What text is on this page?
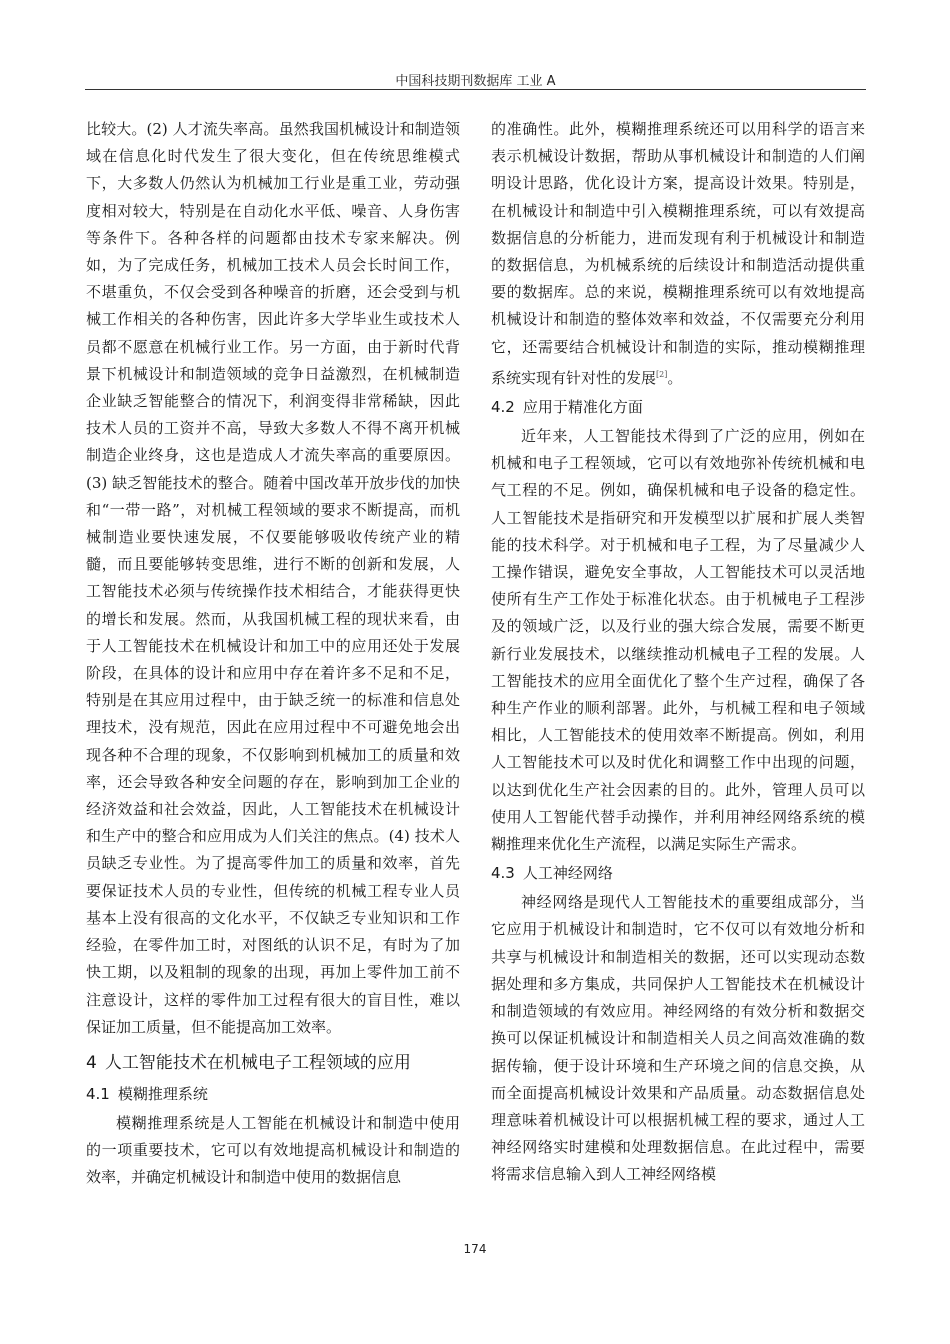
中国科技期刊数据库 工业 A

比较大。(2) 人才流失率高。虽然我国机械设计和制造领域在信息化时代发生了很大变化，但在传统思维模式下，大多数人仍然认为机械加工行业是重工业，劳动强度相对较大，特别是在自动化水平低、噪音、人身伤害等条件下。各种各样的问题都由技术专家来解决。例如，为了完成任务，机械加工技术人员会长时间工作，不堪重负，不仅会受到各种噪音的折磨，还会受到与机械工作相关的各种伤害，因此许多大学毕业生或技术人员都不愿意在机械行业工作。另一方面，由于新时代背景下机械设计和制造领域的竞争日益激烈，在机械制造企业缺乏智能整合的情况下，利润变得非常稀缺，因此技术人员的工资并不高，导致大多数人不得不离开机械制造企业终身，这也是造成人才流失率高的重要原因。(3) 缺乏智能技术的整合。随着中国改革开放步伐的加快和“一带一路”，对机械工程领域的要求不断提高，而机械制造业要快速发展，不仅要能够吸收传统产业的精髓，而且要能够转变思维，进行不断的创新和发展，人工智能技术必须与传统操作技术相结合，才能获得更快的增长和发展。然而，从我国机械工程的现状来看，由于人工智能技术在机械设计和加工中的应用还处于发展阶段，在具体的设计和应用中存在着许多不足和不足，特别是在其应用过程中，由于缺乏统一的标准和信息处理技术，没有规范，因此在应用过程中不可避免地会出现各种不合理的现象，不仅影响到机械加工的质量和效率，还会导致各种安全问题的存在，影响到加工企业的经济效益和社会效益，因此，人工智能技术在机械设计和生产中的整合和应用成为人们关注的焦点。(4) 技术人员缺乏专业性。为了提高零件加工的质量和效率，首先要保证技术人员的专业性，但传统的机械工程专业人员基本上没有很高的文化水平，不仅缺乏专业知识和工作经验，在零件加工时，对图纸的认识不足，有时为了加快工期，以及粗制的现象的出现，再加上零件加工前不注意设计，这样的零件加工过程有很大的盲目性，难以保证加工质量，但不能提高加工效率。

4 人工智能技术在机械电子工程领域的应用
4.1 模糊推理系统

模糊推理系统是人工智能在机械设计和制造中使用的一项重要技术，它可以有效地提高机械设计和制造的效率，并确定机械设计和制造中使用的数据信息

的准确性。此外，模糊推理系统还可以用科学的语言来表示机械设计数据，帮助从事机械设计和制造的人们阐明设计思路，优化设计方案，提高设计效果。特别是，在机械设计和制造中引入模糊推理系统，可以有效提高数据信息的分析能力，进而发现有利于机械设计和制造的数据信息，为机械系统的后续设计和制造活动提供重要的数据库。总的来说，模糊推理系统可以有效地提高机械设计和制造的整体效率和效益，不仅需要充分利用它，还需要结合机械设计和制造的实际，推动模糊推理系统实现有针对性的发展[2]。

4.2 应用于精准化方面

近年来，人工智能技术得到了广泛的应用，例如在机械和电子工程领域，它可以有效地弥补传统机械和电气工程的不足。例如，确保机械和电子设备的稳定性。人工智能技术是指研究和开发模型以扩展和扩展人类智能的技术科学。对于机械和电子工程，为了尽量减少人工操作错误，避免安全事故，人工智能技术可以灵活地使所有生产工作处于标准化状态。由于机械电子工程涉及的领域广泛，以及行业的强大综合发展，需要不断更新行业发展技术，以继续推动机械电子工程的发展。人工智能技术的应用全面优化了整个生产过程，确保了各种生产作业的顺利部署。此外，与机械工程和电子领域相比，人工智能技术的使用效率不断提高。例如，利用人工智能技术可以及时优化和调整工作中出现的问题，以达到优化生产社会因素的目的。此外，管理人员可以使用人工智能代替手动操作，并利用神经网络系统的模糊推理来优化生产流程，以满足实际生产需求。

4.3 人工神经网络

神经网络是现代人工智能技术的重要组成部分，当它应用于机械设计和制造时，它不仅可以有效地分析和共享与机械设计和制造相关的数据，还可以实现动态数据处理和多方集成，共同保护人工智能技术在机械设计和制造领域的有效应用。神经网络的有效分析和数据交换可以保证机械设计和制造相关人员之间高效准确的数据传输，便于设计环境和生产环境之间的信息交换，从而全面提高机械设计效果和产品质量。动态数据信息处理意味着机械设计可以根据机械工程的要求，通过人工神经网络实时建模和处理数据信息。在此过程中，需要将需求信息输入到人工神经网络模

174
